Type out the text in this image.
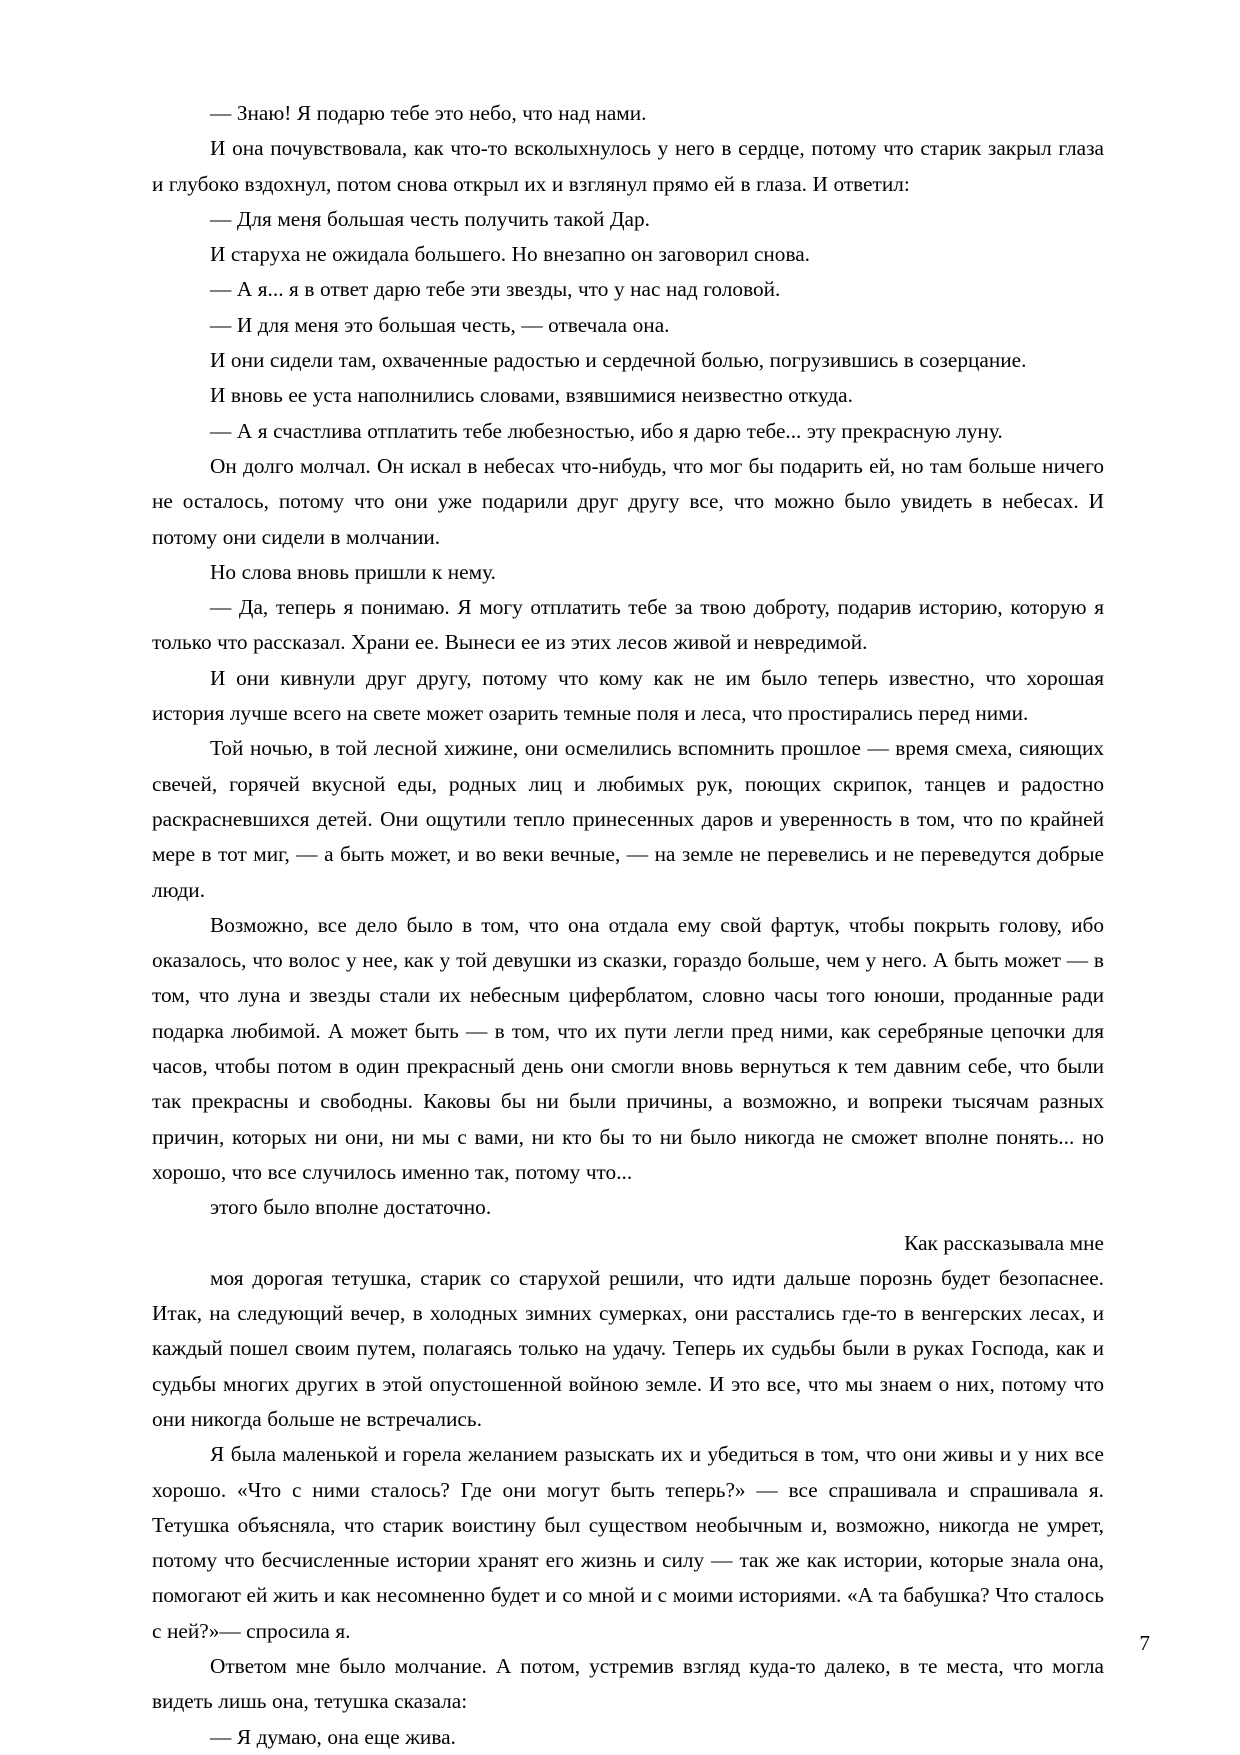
— Знаю! Я подарю тебе это небо, что над нами.

И она почувствовала, как что-то всколыхнулось у него в сердце, потому что старик закрыл глаза и глубоко вздохнул, потом снова открыл их и взглянул прямо ей в глаза. И ответил:

— Для меня большая честь получить такой Дар.

И старуха не ожидала большего. Но внезапно он заговорил снова.

— А я... я в ответ дарю тебе эти звезды, что у нас над головой.

— И для меня это большая честь, — отвечала она.

И они сидели там, охваченные радостью и сердечной болью, погрузившись в созерцание.

И вновь ее уста наполнились словами, взявшимися неизвестно откуда.

— А я счастлива отплатить тебе любезностью, ибо я дарю тебе... эту прекрасную луну.

Он долго молчал. Он искал в небесах что-нибудь, что мог бы подарить ей, но там больше ничего не осталось, потому что они уже подарили друг другу все, что можно было увидеть в небесах. И потому они сидели в молчании.

Но слова вновь пришли к нему.

— Да, теперь я понимаю. Я могу отплатить тебе за твою доброту, подарив историю, которую я только что рассказал. Храни ее. Вынеси ее из этих лесов живой и невредимой.

И они кивнули друг другу, потому что кому как не им было теперь известно, что хорошая история лучше всего на свете может озарить темные поля и леса, что простирались перед ними.

Той ночью, в той лесной хижине, они осмелились вспомнить прошлое — время смеха, сияющих свечей, горячей вкусной еды, родных лиц и любимых рук, поющих скрипок, танцев и радостно раскрасневшихся детей. Они ощутили тепло принесенных даров и уверенность в том, что по крайней мере в тот миг, — а быть может, и во веки вечные, — на земле не перевелись и не переведутся добрые люди.

Возможно, все дело было в том, что она отдала ему свой фартук, чтобы покрыть голову, ибо оказалось, что волос у нее, как у той девушки из сказки, гораздо больше, чем у него. А быть может — в том, что луна и звезды стали их небесным циферблатом, словно часы того юноши, проданные ради подарка любимой. А может быть — в том, что их пути легли пред ними, как серебряные цепочки для часов, чтобы потом в один прекрасный день они смогли вновь вернуться к тем давним себе, что были так прекрасны и свободны. Каковы бы ни были причины, а возможно, и вопреки тысячам разных причин, которых ни они, ни мы с вами, ни кто бы то ни было никогда не сможет вполне понять... но хорошо, что все случилось именно так, потому что...

этого было вполне достаточно.

Как рассказывала мне

моя дорогая тетушка, старик со старухой решили, что идти дальше порознь будет безопаснее. Итак, на следующий вечер, в холодных зимних сумерках, они расстались где-то в венгерских лесах, и каждый пошел своим путем, полагаясь только на удачу. Теперь их судьбы были в руках Господа, как и судьбы многих других в этой опустошенной войною земле. И это все, что мы знаем о них, потому что они никогда больше не встречались.

Я была маленькой и горела желанием разыскать их и убедиться в том, что они живы и у них все хорошо. «Что с ними сталось? Где они могут быть теперь?» — все спрашивала и спрашивала я. Тетушка объясняла, что старик воистину был существом необычным и, возможно, никогда не умрет, потому что бесчисленные истории хранят его жизнь и силу — так же как истории, которые знала она, помогают ей жить и как несомненно будет и со мной и с моими историями. «А та бабушка? Что сталось с ней?»— спросила я.

Ответом мне было молчание. А потом, устремив взгляд куда-то далеко, в те места, что могла видеть лишь она, тетушка сказала:

— Я думаю, она еще жива.

7
